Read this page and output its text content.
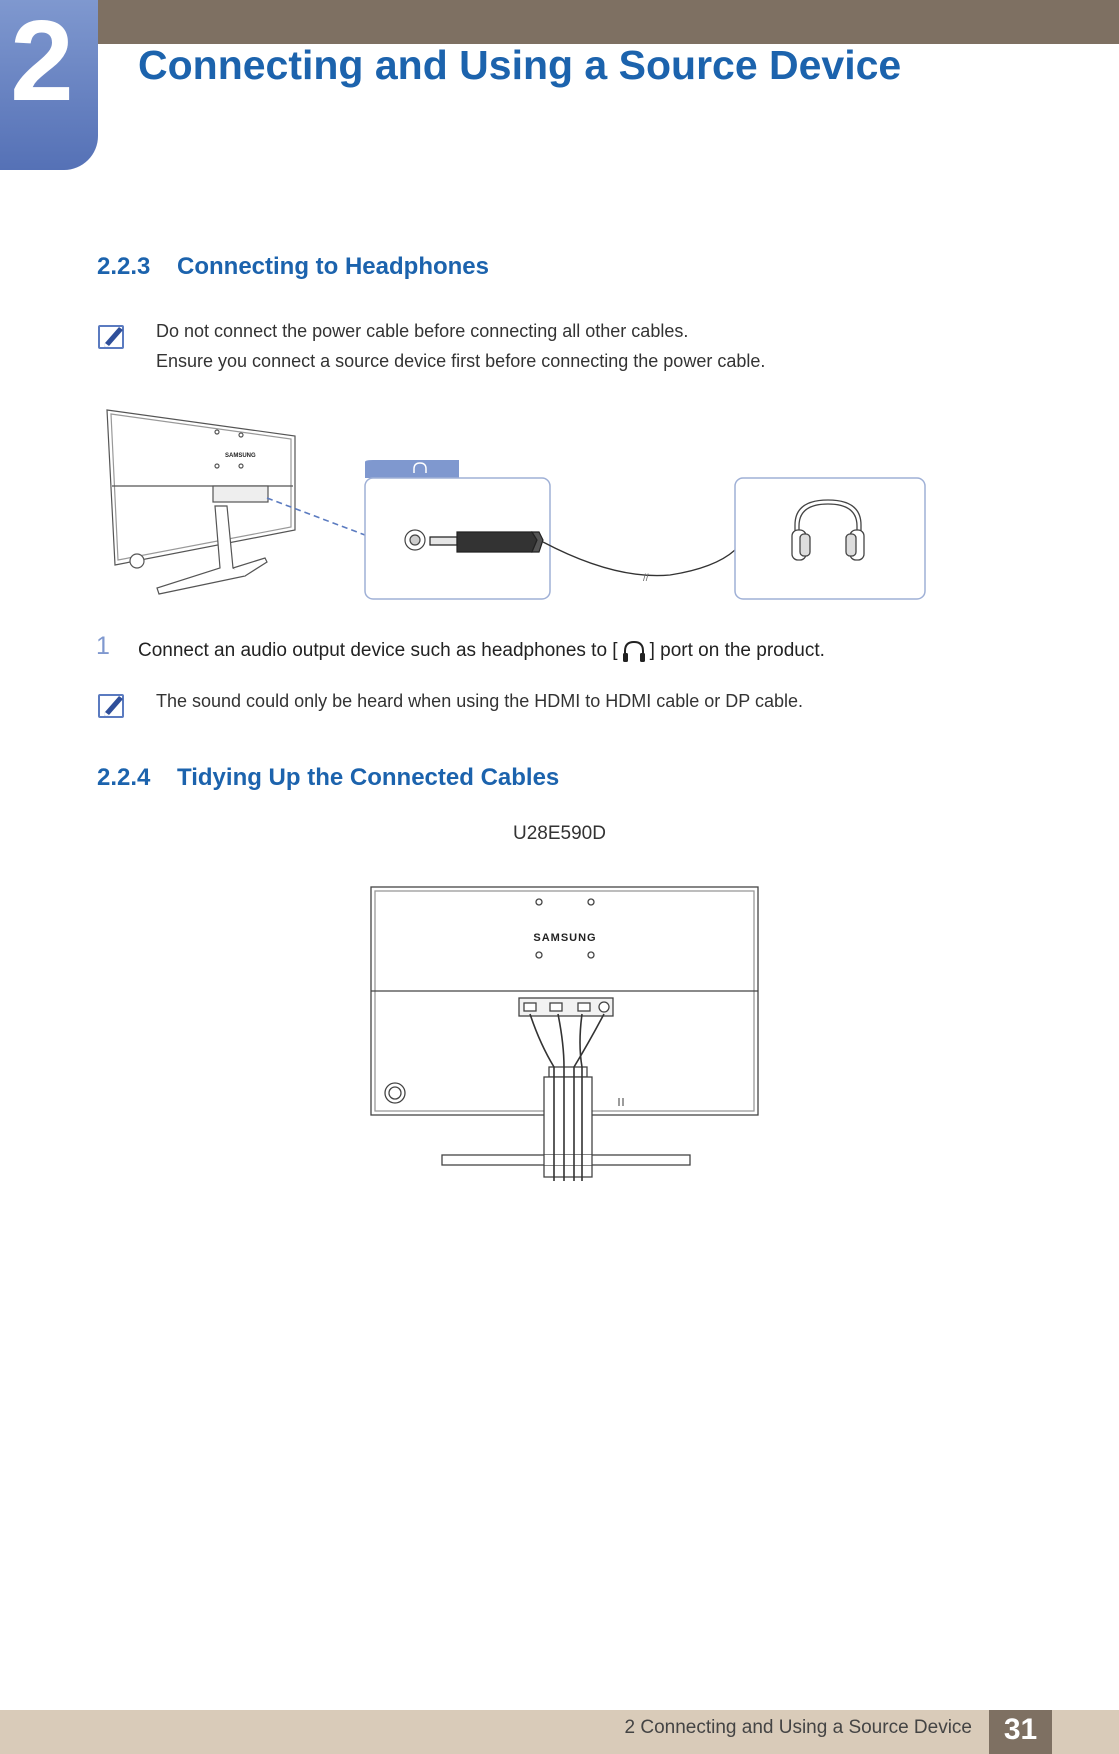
2 Connecting and Using a Source Device
2.2.3 Connecting to Headphones
Do not connect the power cable before connecting all other cables.
Ensure you connect a source device first before connecting the power cable.
SAMSUNG
//
1 Connect an audio output device such as headphones to [ ] port on the product.
The sound could only be heard when using the HDMI to HDMI cable or DP cable.
2.2.4 Tidying Up the Connected Cables
U28E590D
SAMSUNG
2 Connecting and Using a Source Device	31
